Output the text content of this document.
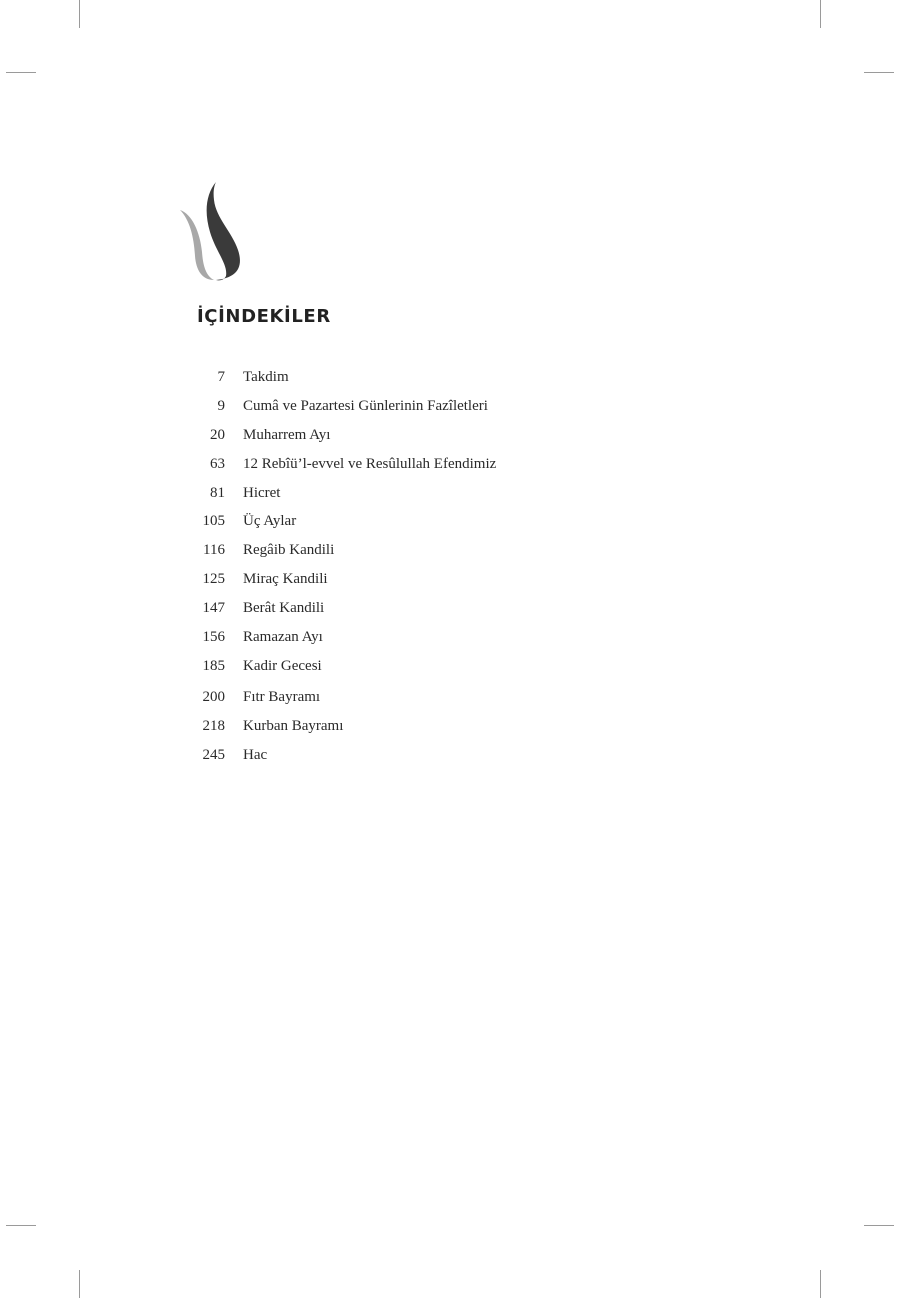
İÇİNDEKİLER
7 Takdim
9 Cumâ ve Pazartesi Günlerinin Fazîletleri
20 Muharrem Ayı
63 12 Rebîü’l-evvel ve Resûlullah Efendimiz
81 Hicret
105 Üç Aylar
116 Regâib Kandili
125 Miraç Kandili
147 Berât Kandili
156 Ramazan Ayı
185 Kadir Gecesi
200 Fıtr Bayramı
218 Kurban Bayramı
245 Hac
